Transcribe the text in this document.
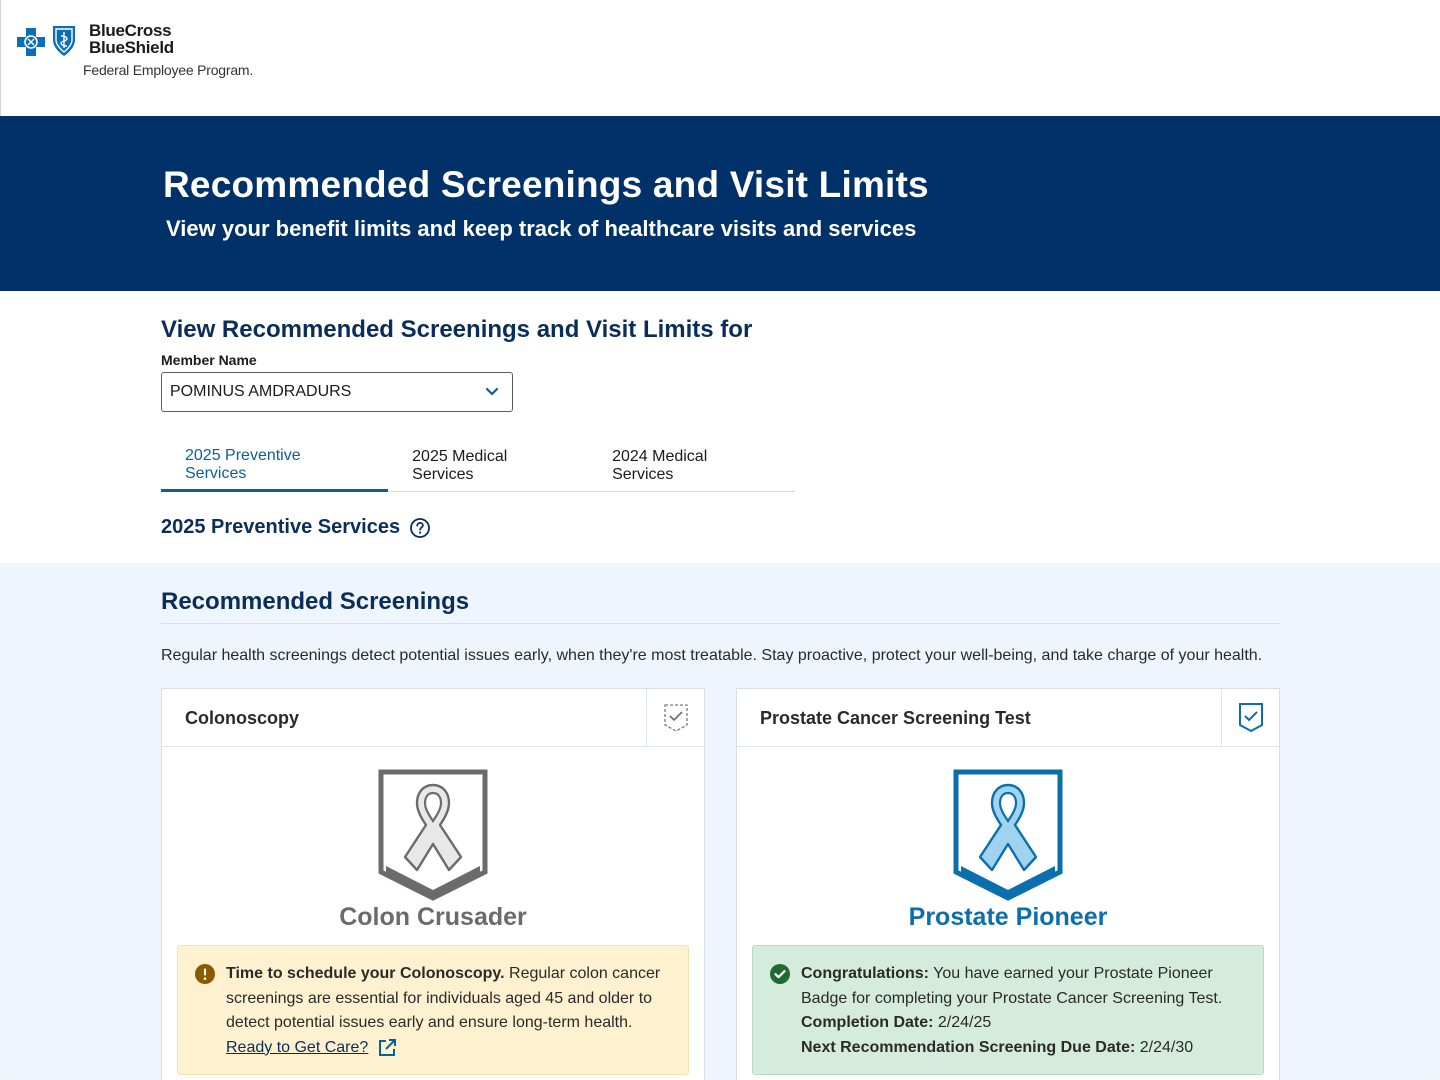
BlueCross
BlueShield
Federal Employee Program.
Recommended Screenings and Visit Limits
View your benefit limits and keep track of healthcare visits and services
View Recommended Screenings and Visit Limits for
Member Name
POMINUS AMDRADURS
2025 Preventive Services
2025 Medical Services
2024 Medical Services
2025 Preventive Services
Recommended Screenings

Regular health screenings detect potential issues early, when they're most treatable. Stay proactive, protect your well-being, and take charge of your health.

Colonoscopy
Colon Crusader
Time to schedule your Colonoscopy. Regular colon cancer screenings are essential for individuals aged 45 and older to detect potential issues early and ensure long-term health.

Ready to Get Care?
Prostate Cancer Screening Test
Prostate Pioneer
Congratulations: You have earned your Prostate Pioneer Badge for completing your Prostate Cancer Screening Test.
Completion Date: 2/24/25
Next Recommendation Screening Due Date: 2/24/30
